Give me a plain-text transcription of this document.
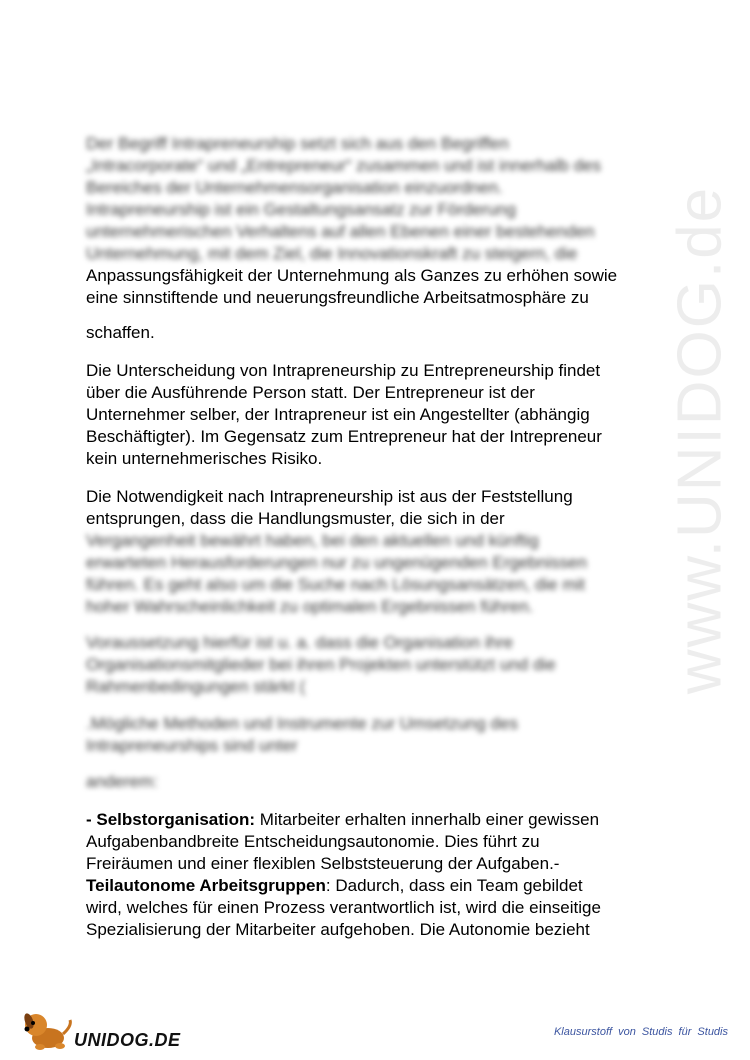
www.UNIDOG.de
Der Begriff Intrapreneurship setzt sich aus den Begriffen
„Intracorporate“ und „Entrepreneur“ zusammen und ist innerhalb des
Bereiches der Unternehmensorganisation einzuordnen.
Intrapreneurship ist ein Gestaltungsansatz zur Förderung
unternehmerischen Verhaltens auf allen Ebenen einer bestehenden
Unternehmung, mit dem Ziel, die Innovationskraft zu steigern, die
Anpassungsfähigkeit der Unternehmung als Ganzes zu erhöhen sowie
eine sinnstiftende und neuerungsfreundliche Arbeitsatmosphäre zu
schaffen.
Die Unterscheidung von Intrapreneurship zu Entrepreneurship findet
über die Ausführende Person statt. Der Entrepreneur ist der
Unternehmer selber, der Intrapreneur ist ein Angestellter (abhängig
Beschäftigter). Im Gegensatz zum Entrepreneur hat der Intrepreneur
kein unternehmerisches Risiko.
Die Notwendigkeit nach Intrapreneurship ist aus der Feststellung
entsprungen, dass die Handlungsmuster, die sich in der
Vergangenheit bewährt haben, bei den aktuellen und künftig
erwarteten Herausforderungen nur zu ungenügenden Ergebnissen
führen. Es geht also um die Suche nach Lösungsansätzen, die mit
hoher Wahrscheinlichkeit zu optimalen Ergebnissen führen.
Voraussetzung hierfür ist u. a. dass die Organisation ihre
Organisationsmitglieder bei ihren Projekten unterstützt und die
Rahmenbedingungen stärkt (
.Mögliche Methoden und Instrumente zur Umsetzung des
Intrapreneurships sind unter
anderem:
- Selbstorganisation: Mitarbeiter erhalten innerhalb einer gewissen
Aufgabenbandbreite Entscheidungsautonomie. Dies führt zu
Freiräumen und einer flexiblen Selbststeuerung der Aufgaben.-
Teilautonome Arbeitsgruppen: Dadurch, dass ein Team gebildet
wird, welches für einen Prozess verantwortlich ist, wird die einseitige
Spezialisierung der Mitarbeiter aufgehoben. Die Autonomie bezieht
UNIDOG.DE	Klausurstoff von Studis für Studis
